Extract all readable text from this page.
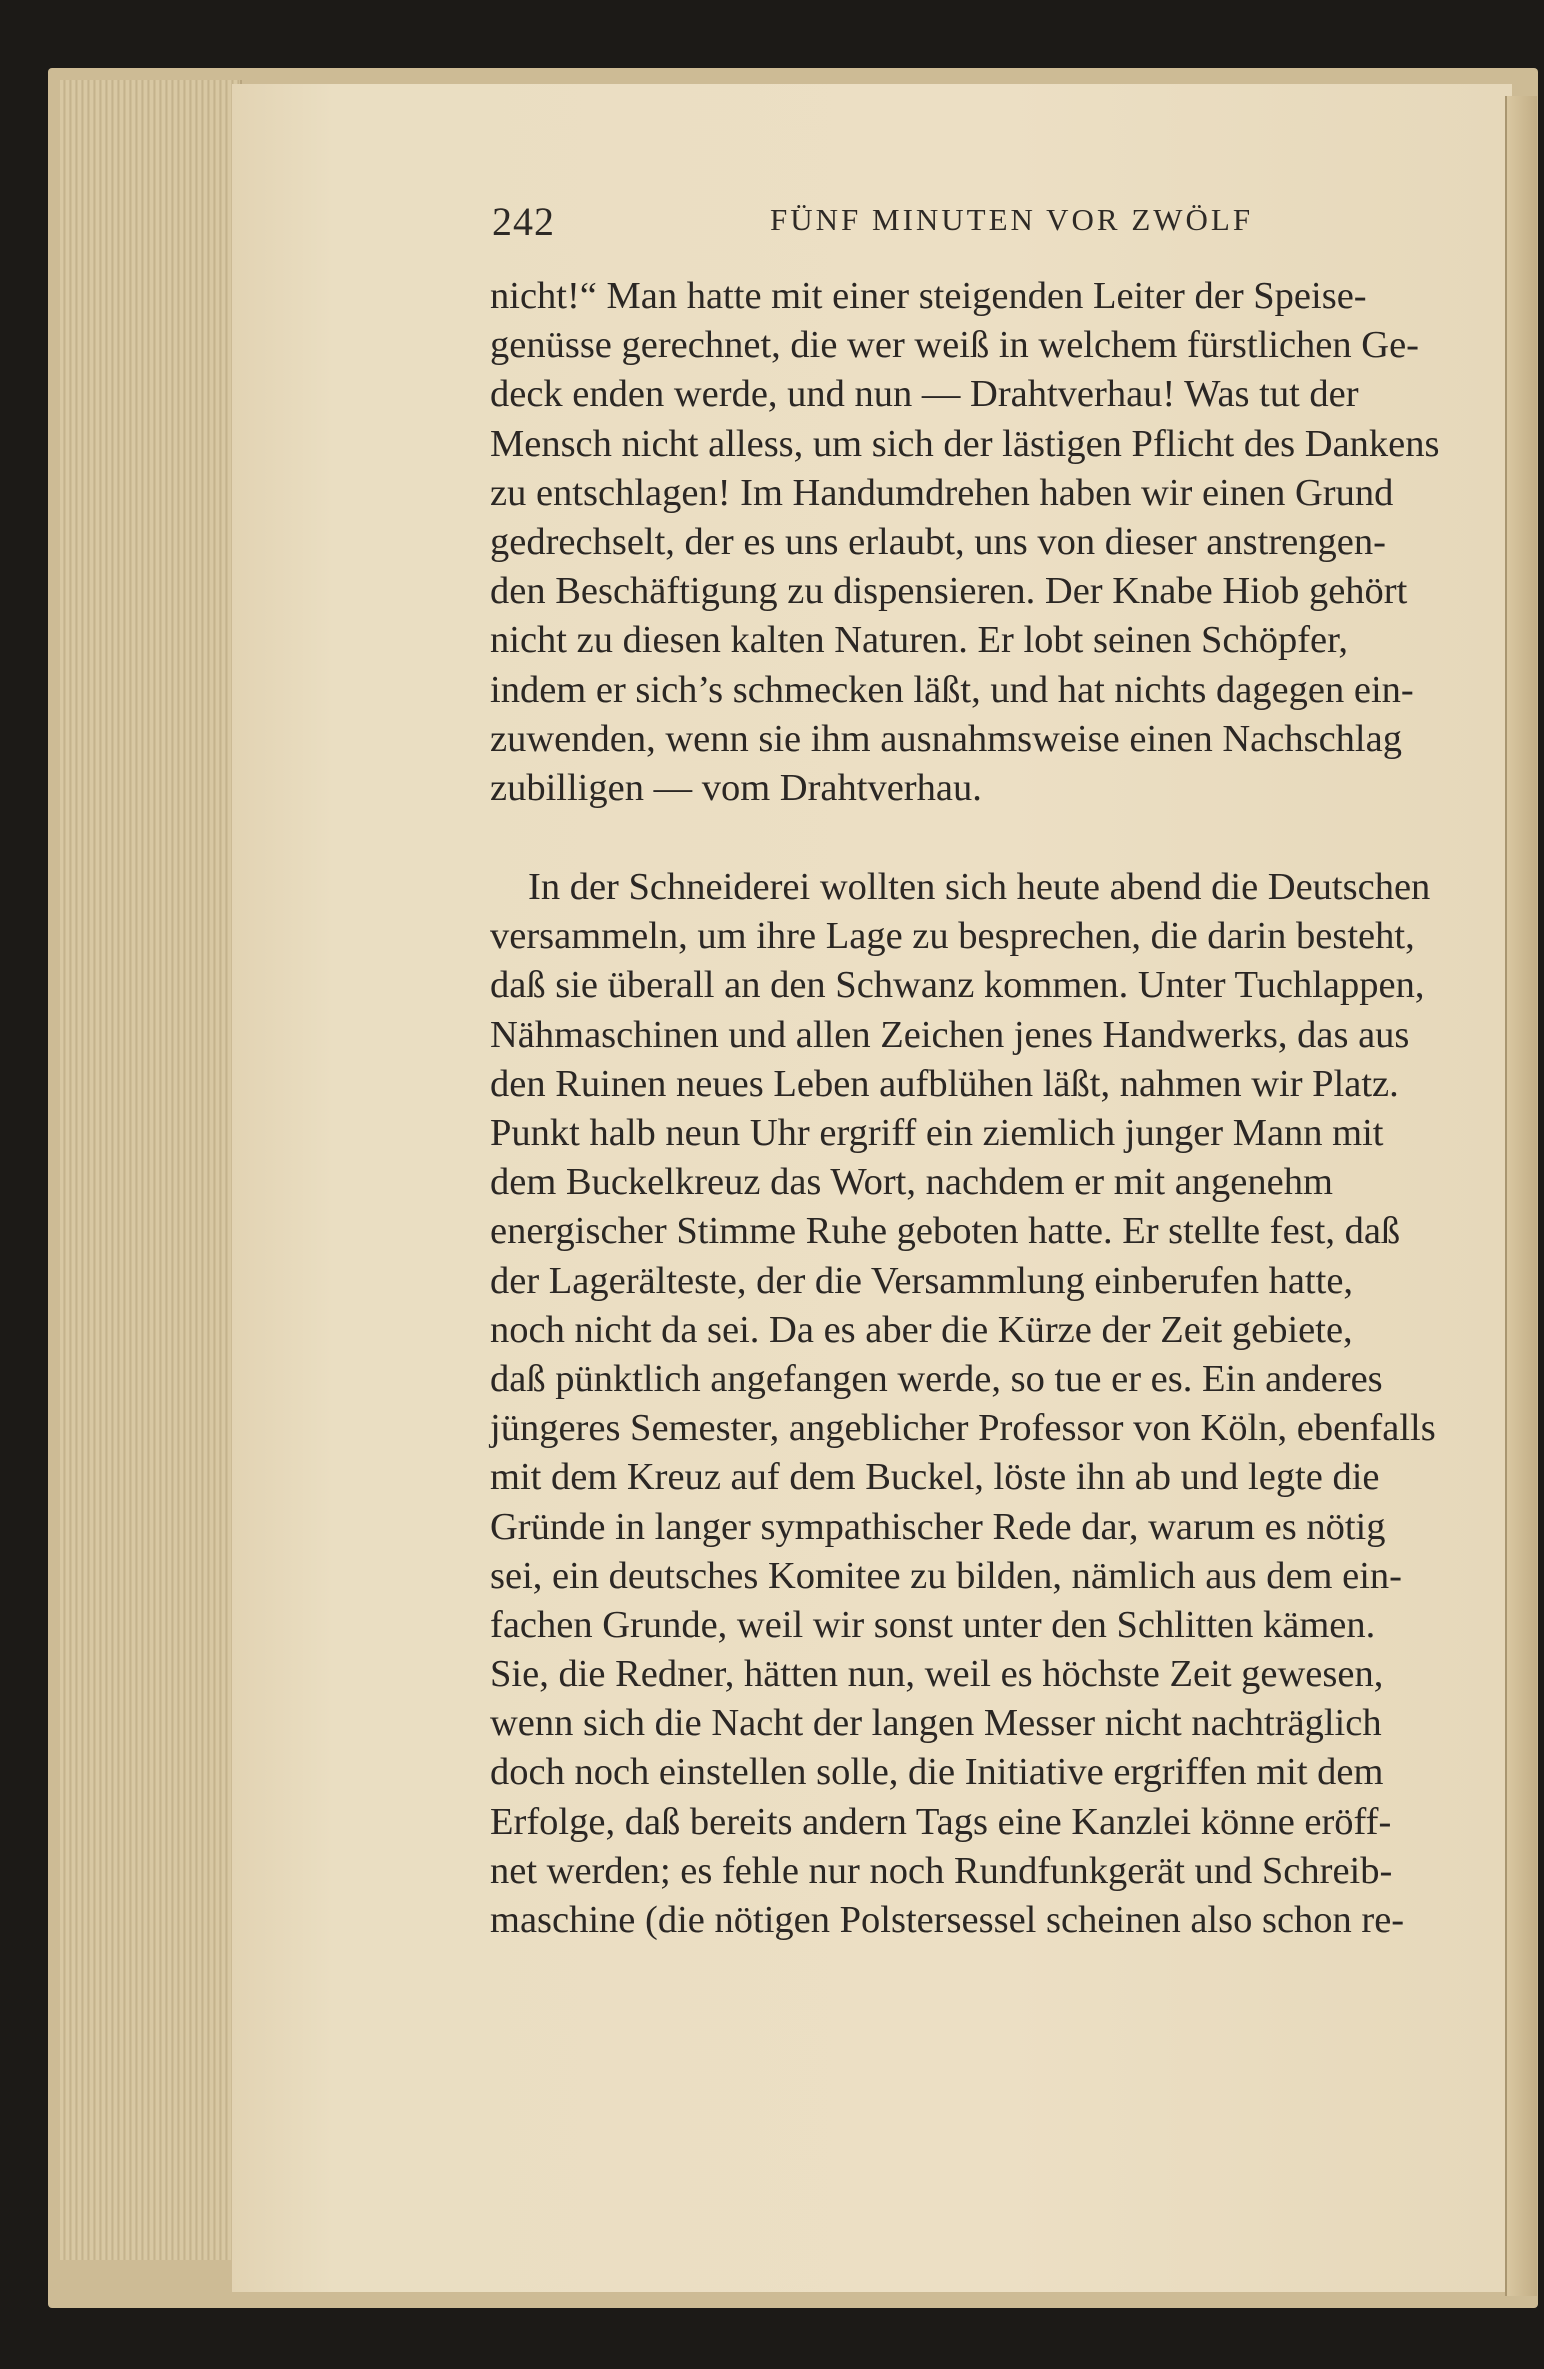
242	FÜNF MINUTEN VOR ZWÖLF
nicht!“ Man hatte mit einer steigenden Leiter der Speise-
genüsse gerechnet, die wer weiß in welchem fürstlichen Ge-
deck enden werde, und nun — Drahtverhau! Was tut der
Mensch nicht alless, um sich der lästigen Pflicht des Dankens
zu entschlagen! Im Handumdrehen haben wir einen Grund
gedrechselt, der es uns erlaubt, uns von dieser anstrengen-
den Beschäftigung zu dispensieren. Der Knabe Hiob gehört
nicht zu diesen kalten Naturen. Er lobt seinen Schöpfer,
indem er sich’s schmecken läßt, und hat nichts dagegen ein-
zuwenden, wenn sie ihm ausnahmsweise einen Nachschlag
zubilligen — vom Drahtverhau.
In der Schneiderei wollten sich heute abend die Deutschen
versammeln, um ihre Lage zu besprechen, die darin besteht,
daß sie überall an den Schwanz kommen. Unter Tuchlappen,
Nähmaschinen und allen Zeichen jenes Handwerks, das aus
den Ruinen neues Leben aufblühen läßt, nahmen wir Platz.
Punkt halb neun Uhr ergriff ein ziemlich junger Mann mit
dem Buckelkreuz das Wort, nachdem er mit angenehm
energischer Stimme Ruhe geboten hatte. Er stellte fest, daß
der Lagerälteste, der die Versammlung einberufen hatte,
noch nicht da sei. Da es aber die Kürze der Zeit gebiete,
daß pünktlich angefangen werde, so tue er es. Ein anderes
jüngeres Semester, angeblicher Professor von Köln, ebenfalls
mit dem Kreuz auf dem Buckel, löste ihn ab und legte die
Gründe in langer sympathischer Rede dar, warum es nötig
sei, ein deutsches Komitee zu bilden, nämlich aus dem ein-
fachen Grunde, weil wir sonst unter den Schlitten kämen.
Sie, die Redner, hätten nun, weil es höchste Zeit gewesen,
wenn sich die Nacht der langen Messer nicht nachträglich
doch noch einstellen solle, die Initiative ergriffen mit dem
Erfolge, daß bereits andern Tags eine Kanzlei könne eröff-
net werden; es fehle nur noch Rundfunkgerät und Schreib-
maschine (die nötigen Polstersessel scheinen also schon re-
